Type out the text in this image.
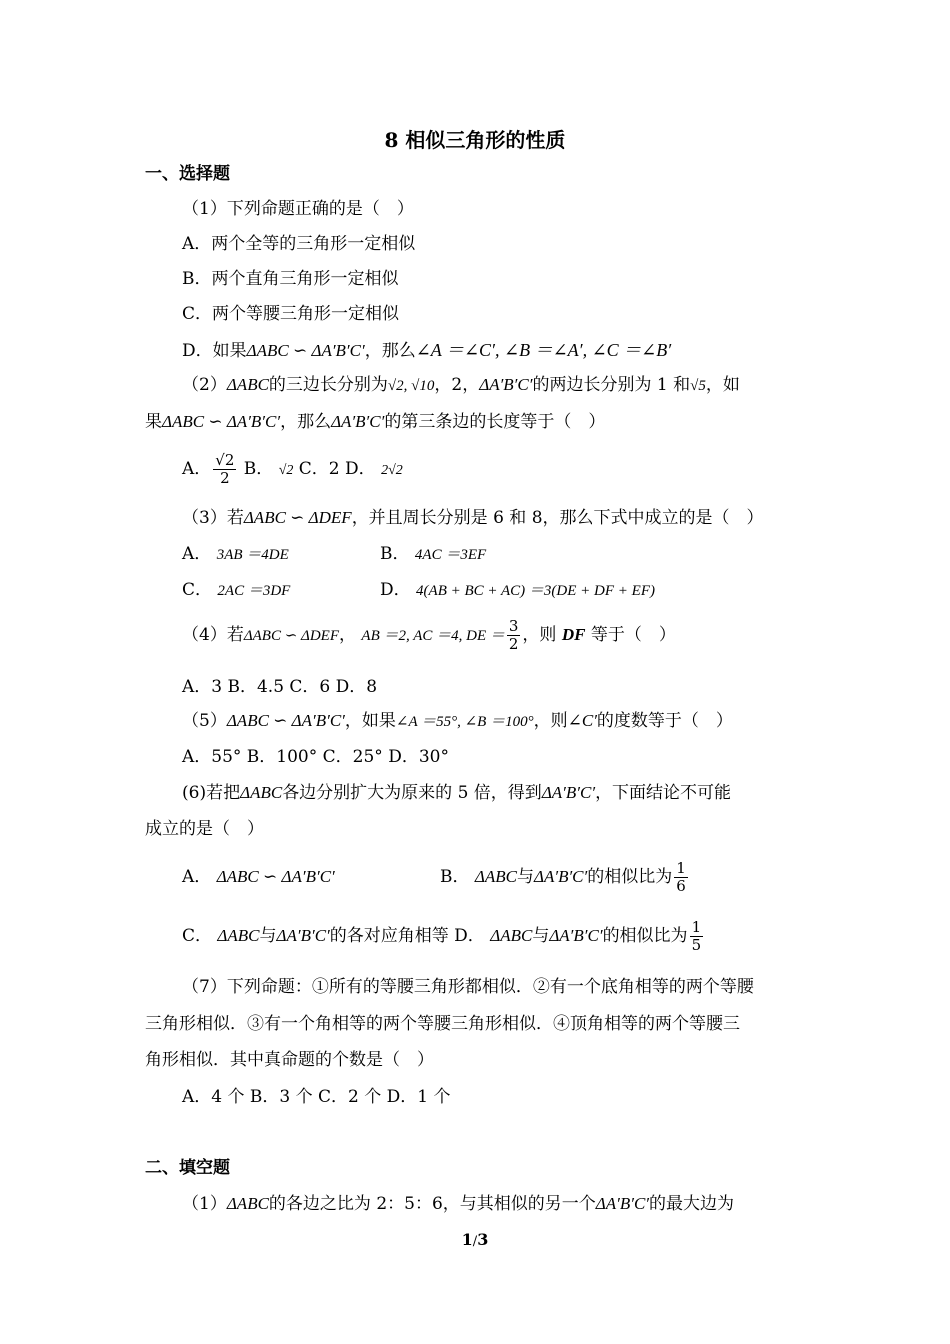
8 相似三角形的性质
一、选择题
（1）下列命题正确的是（　）
A．两个全等的三角形一定相似
B．两个直角三角形一定相似
C．两个等腰三角形一定相似
D．如果ΔABC ∽ ΔA′B′C′，那么∠A ＝∠C′, ∠B ＝∠A′, ∠C ＝∠B′
（2）ΔABC的三边长分别为√2, √10，2，ΔA′B′C′的两边长分别为 1 和√5，如
果ΔABC ∽ ΔA′B′C′，那么ΔA′B′C′的第三条边的长度等于（　）
A． $\frac{√2}{2}$ B． √2 C．2 D． 2√2
（3）若ΔABC ∽ ΔDEF，并且周长分别是 6 和 8，那么下式中成立的是（　）
A． 3AB ＝4DE	B． 4AC ＝3EF
C． 2AC ＝3DF	D． 4(AB + BC + AC) ＝3(DE + DF + EF)
（4）若ΔABC ∽ ΔDEF， AB ＝2, AC ＝4, DE ＝ $\frac{3}{2}$ ，则 DF 等于（　）
A．3 B．4.5 C．6 D．8
（5）ΔABC ∽ ΔA′B′C′，如果∠A ＝55°, ∠B ＝100°，则∠C′的度数等于（　）
A．55° B．100° C．25° D．30°
(6)若把ΔABC各边分别扩大为原来的 5 倍，得到ΔA′B′C′，下面结论不可能
成立的是（　）
A． ΔABC ∽ ΔA′B′C′	B． ΔABC与ΔA′B′C′的相似比为 $\frac{1}{6}$
C． ΔABC与ΔA′B′C′的各对应角相等 D． ΔABC与ΔA′B′C′的相似比为 $\frac{1}{5}$
（7）下列命题：①所有的等腰三角形都相似．②有一个底角相等的两个等腰
三角形相似．③有一个角相等的两个等腰三角形相似．④顶角相等的两个等腰三
角形相似．其中真命题的个数是（　）
A．4 个 B．3 个 C．2 个 D．1 个
二、填空题
（1）ΔABC的各边之比为 2：5：6，与其相似的另一个ΔA′B′C′的最大边为
1/3
